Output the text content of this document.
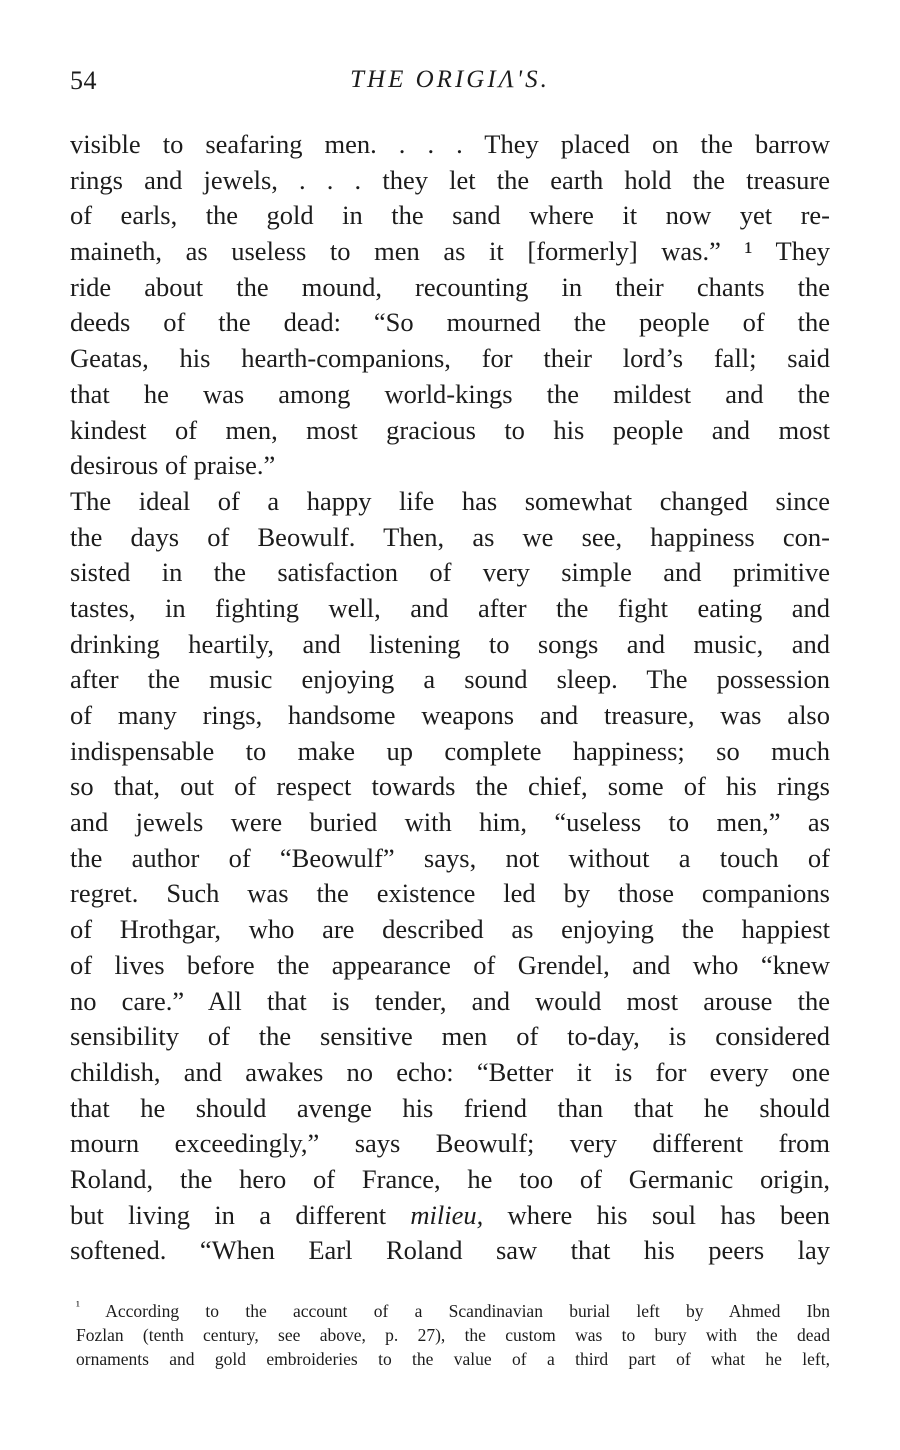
54	THE ORIGIΛ'S.
visible to seafaring men. . . . They placed on the barrow
rings and jewels, . . . they let the earth hold the treasure
of earls, the gold in the sand where it now yet re-
maineth, as useless to men as it [formerly] was.” ¹ They
ride about the mound, recounting in their chants the
deeds of the dead: “So mourned the people of the
Geatas, his hearth-companions, for their lord’s fall; said
that he was among world-kings the mildest and the
kindest of men, most gracious to his people and most
desirous of praise.”
The ideal of a happy life has somewhat changed since
the days of Beowulf. Then, as we see, happiness con-
sisted in the satisfaction of very simple and primitive
tastes, in fighting well, and after the fight eating and
drinking heartily, and listening to songs and music, and
after the music enjoying a sound sleep. The possession
of many rings, handsome weapons and treasure, was also
indispensable to make up complete happiness; so much
so that, out of respect towards the chief, some of his rings
and jewels were buried with him, “useless to men,” as
the author of “Beowulf” says, not without a touch of
regret. Such was the existence led by those companions
of Hrothgar, who are described as enjoying the happiest
of lives before the appearance of Grendel, and who “knew
no care.” All that is tender, and would most arouse the
sensibility of the sensitive men of to-day, is considered
childish, and awakes no echo: “Better it is for every one
that he should avenge his friend than that he should
mourn exceedingly,” says Beowulf; very different from
Roland, the hero of France, he too of Germanic origin,
but living in a different milieu, where his soul has been
softened. “When Earl Roland saw that his peers lay
$^{^1}$ According to the account of a Scandinavian burial left by Ahmed Ibn
Fozlan (tenth century, see above, p. 27), the custom was to bury with the dead
ornaments and gold embroideries to the value of a third part of what he left,
